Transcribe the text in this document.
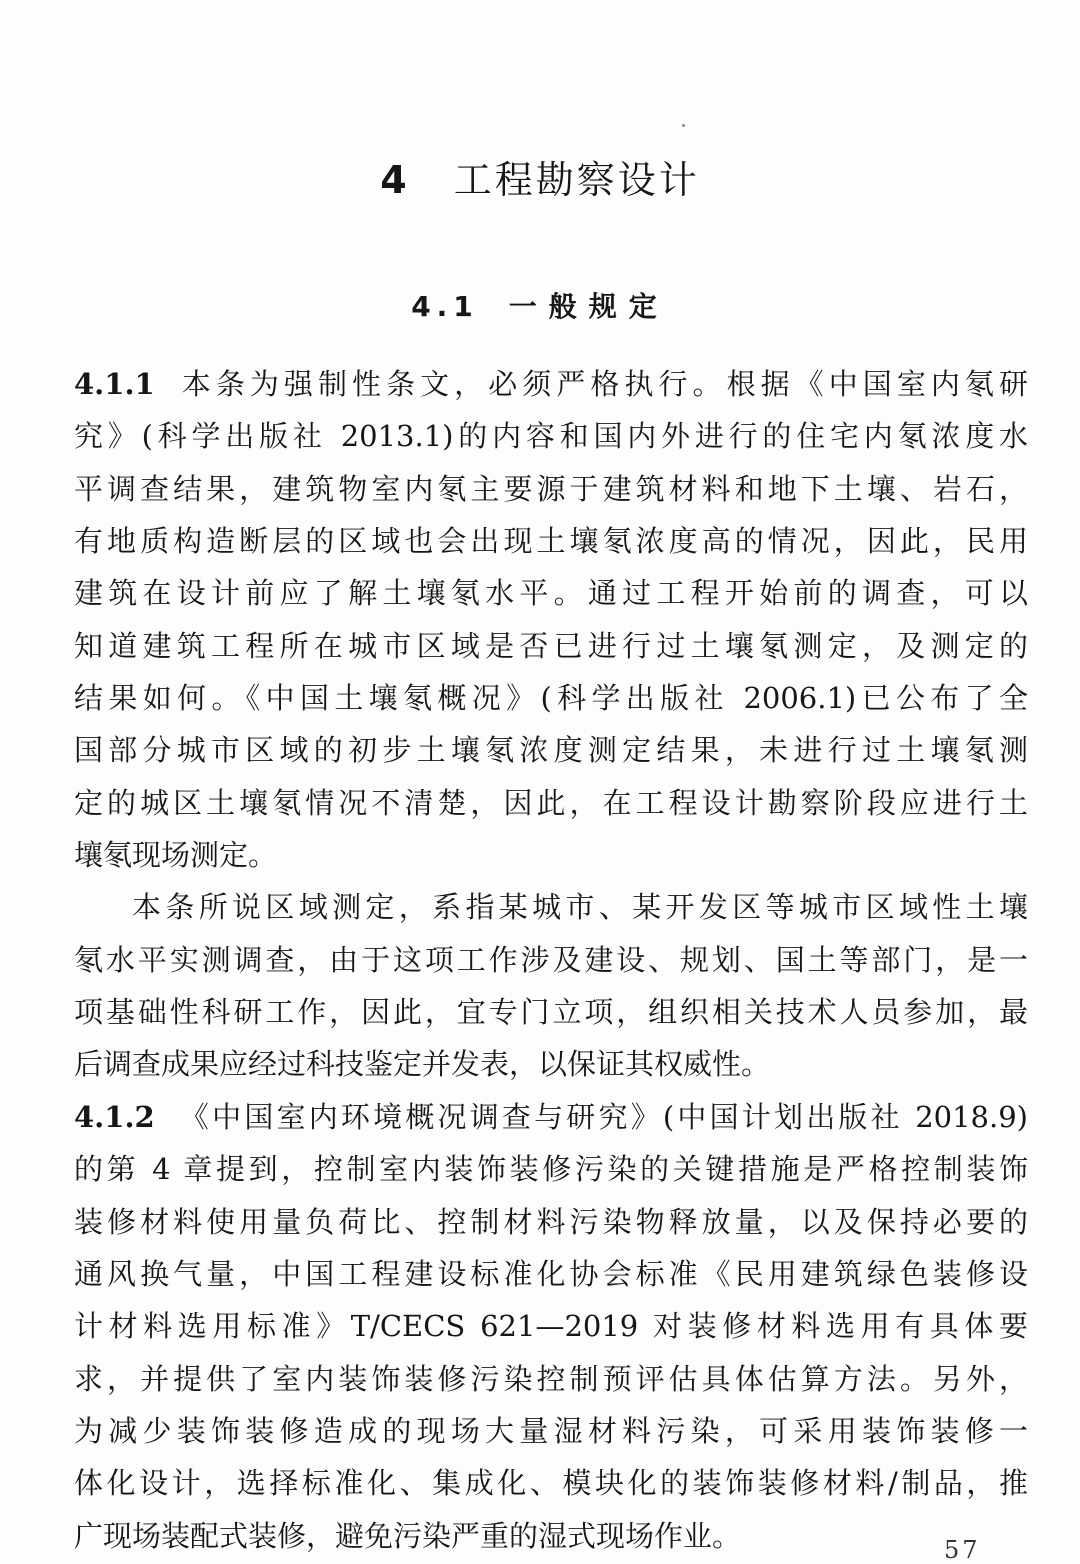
4 工程勘察设计
4.1 一般规定
4.1.1 本条为强制性条文，必须严格执行。根据《中国室内氡研
究》(科学出版社 2013.1)的内容和国内外进行的住宅内氡浓度水
平调查结果，建筑物室内氡主要源于建筑材料和地下土壤、岩石，
有地质构造断层的区域也会出现土壤氡浓度高的情况，因此，民用
建筑在设计前应了解土壤氡水平。通过工程开始前的调查，可以
知道建筑工程所在城市区域是否已进行过土壤氡测定，及测定的
结果如何。《中国土壤氡概况》(科学出版社 2006.1)已公布了全
国部分城市区域的初步土壤氡浓度测定结果，未进行过土壤氡测
定的城区土壤氡情况不清楚，因此，在工程设计勘察阶段应进行土
壤氡现场测定。
本条所说区域测定，系指某城市、某开发区等城市区域性土壤
氡水平实测调查，由于这项工作涉及建设、规划、国土等部门，是一
项基础性科研工作，因此，宜专门立项，组织相关技术人员参加，最
后调查成果应经过科技鉴定并发表，以保证其权威性。
4.1.2 《中国室内环境概况调查与研究》(中国计划出版社 2018.9)
的第 4 章提到，控制室内装饰装修污染的关键措施是严格控制装饰
装修材料使用量负荷比、控制材料污染物释放量，以及保持必要的
通风换气量，中国工程建设标准化协会标准《民用建筑绿色装修设
计材料选用标准》T/CECS 621—2019 对装修材料选用有具体要
求，并提供了室内装饰装修污染控制预评估具体估算方法。另外，
为减少装饰装修造成的现场大量湿材料污染，可采用装饰装修一
体化设计，选择标准化、集成化、模块化的装饰装修材料/制品，推
广现场装配式装修，避免污染严重的湿式现场作业。	57
